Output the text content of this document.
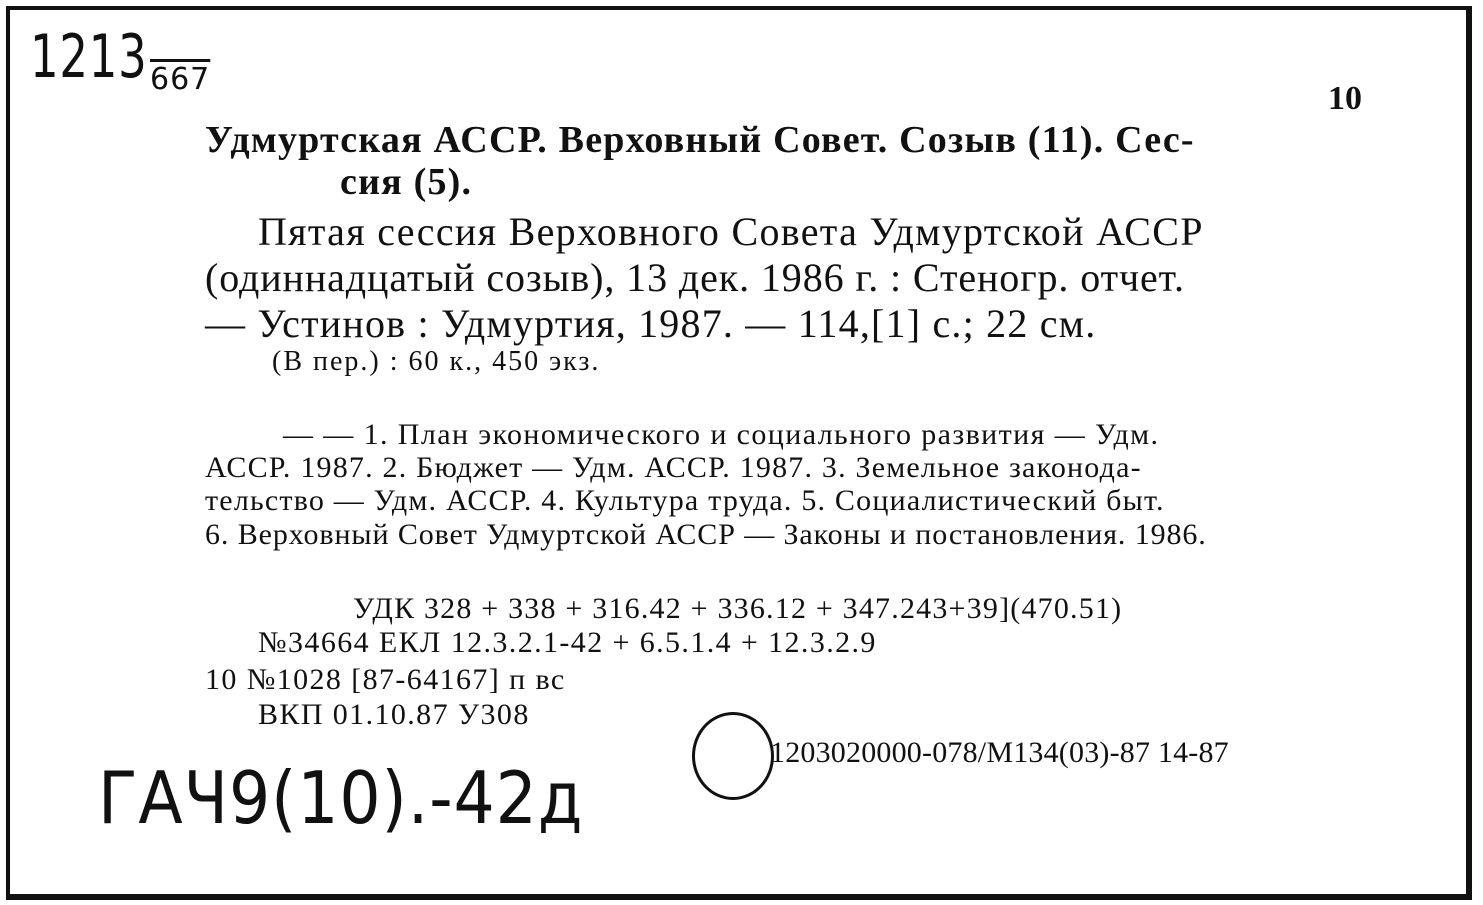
1213 667
10
Удмуртская АССР. Верховный Совет. Созыв (11). Сес-
сия (5).
Пятая сессия Верховного Совета Удмуртской АССР
(одиннадцатый созыв), 13 дек. 1986 г. : Стеногр. отчет.
— Устинов : Удмуртия, 1987. — 114,[1] с.; 22 см.
(В пер.) : 60 к., 450 экз.
— — 1. План экономического и социального развития — Удм.
АССР. 1987. 2. Бюджет — Удм. АССР. 1987. 3. Земельное законода-
тельство — Удм. АССР. 4. Культура труда. 5. Социалистический быт.
6. Верховный Совет Удмуртской АССР — Законы и постановления. 1986.
УДК 328 + 338 + 316.42 + 336.12 + 347.243+39](470.51)
№34664 ЕКЛ 12.3.2.1-42 + 6.5.1.4 + 12.3.2.9
10 №1028 [87-64167] п вс
ВКП 01.10.87 У308
1203020000-078/М134(03)-87 14-87
ГАЧ9(10).-42д
